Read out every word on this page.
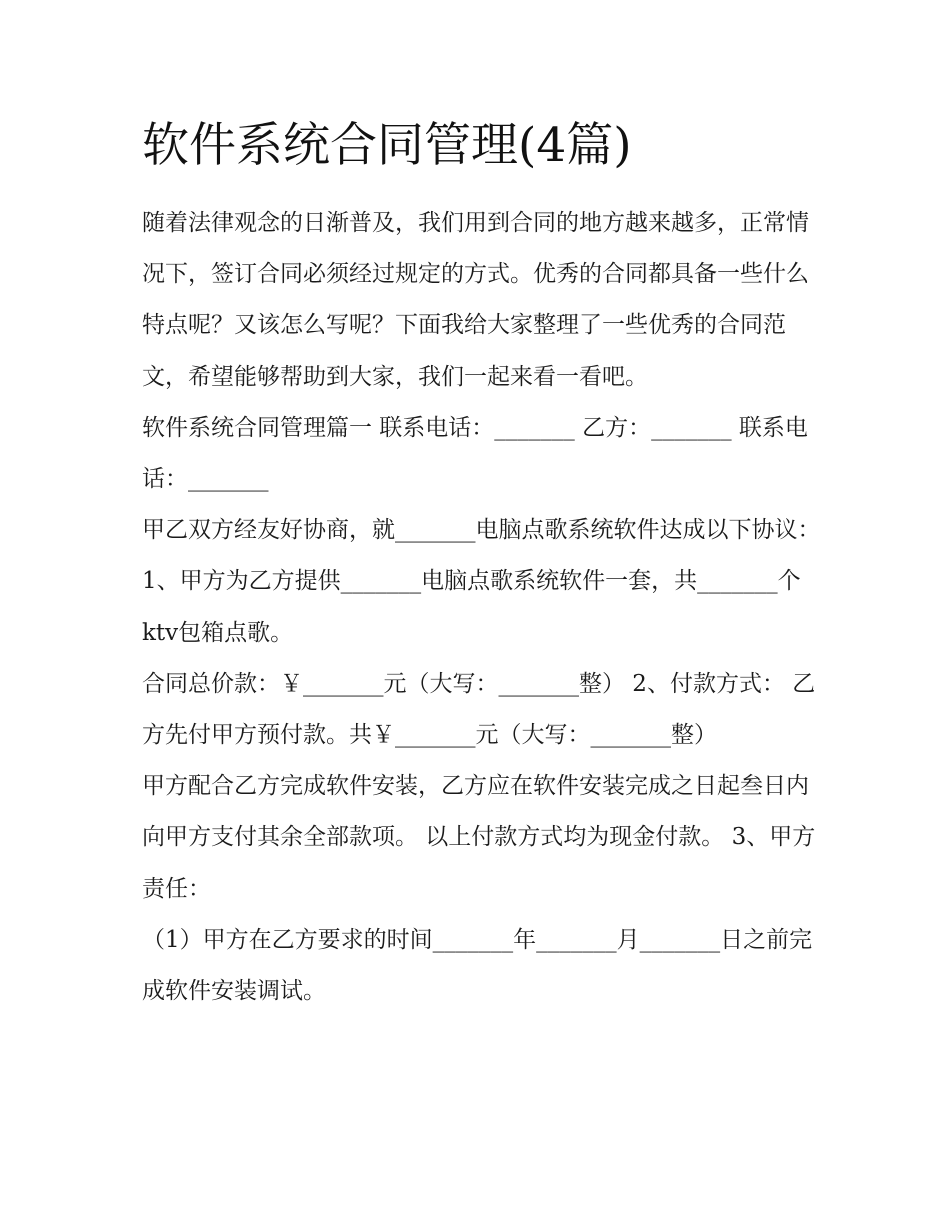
软件系统合同管理(4篇)

随着法律观念的日渐普及，我们用到合同的地方越来越多，正常情况下，签订合同必须经过规定的方式。优秀的合同都具备一些什么特点呢？又该怎么写呢？下面我给大家整理了一些优秀的合同范文，希望能够帮助到大家，我们一起来看一看吧。

软件系统合同管理篇一 联系电话：_______ 乙方：_______ 联系电话：_______

甲乙双方经友好协商，就_______电脑点歌系统软件达成以下协议：

1、甲方为乙方提供_______电脑点歌系统软件一套，共_______个ktv包箱点歌。

合同总价款：￥_______元（大写：_______整） 2、付款方式： 乙方先付甲方预付款。共￥_______元（大写：_______整）

甲方配合乙方完成软件安装，乙方应在软件安装完成之日起叁日内向甲方支付其余全部款项。 以上付款方式均为现金付款。 3、甲方责任：

（1）甲方在乙方要求的时间_______年_______月_______日之前完成软件安装调试。
